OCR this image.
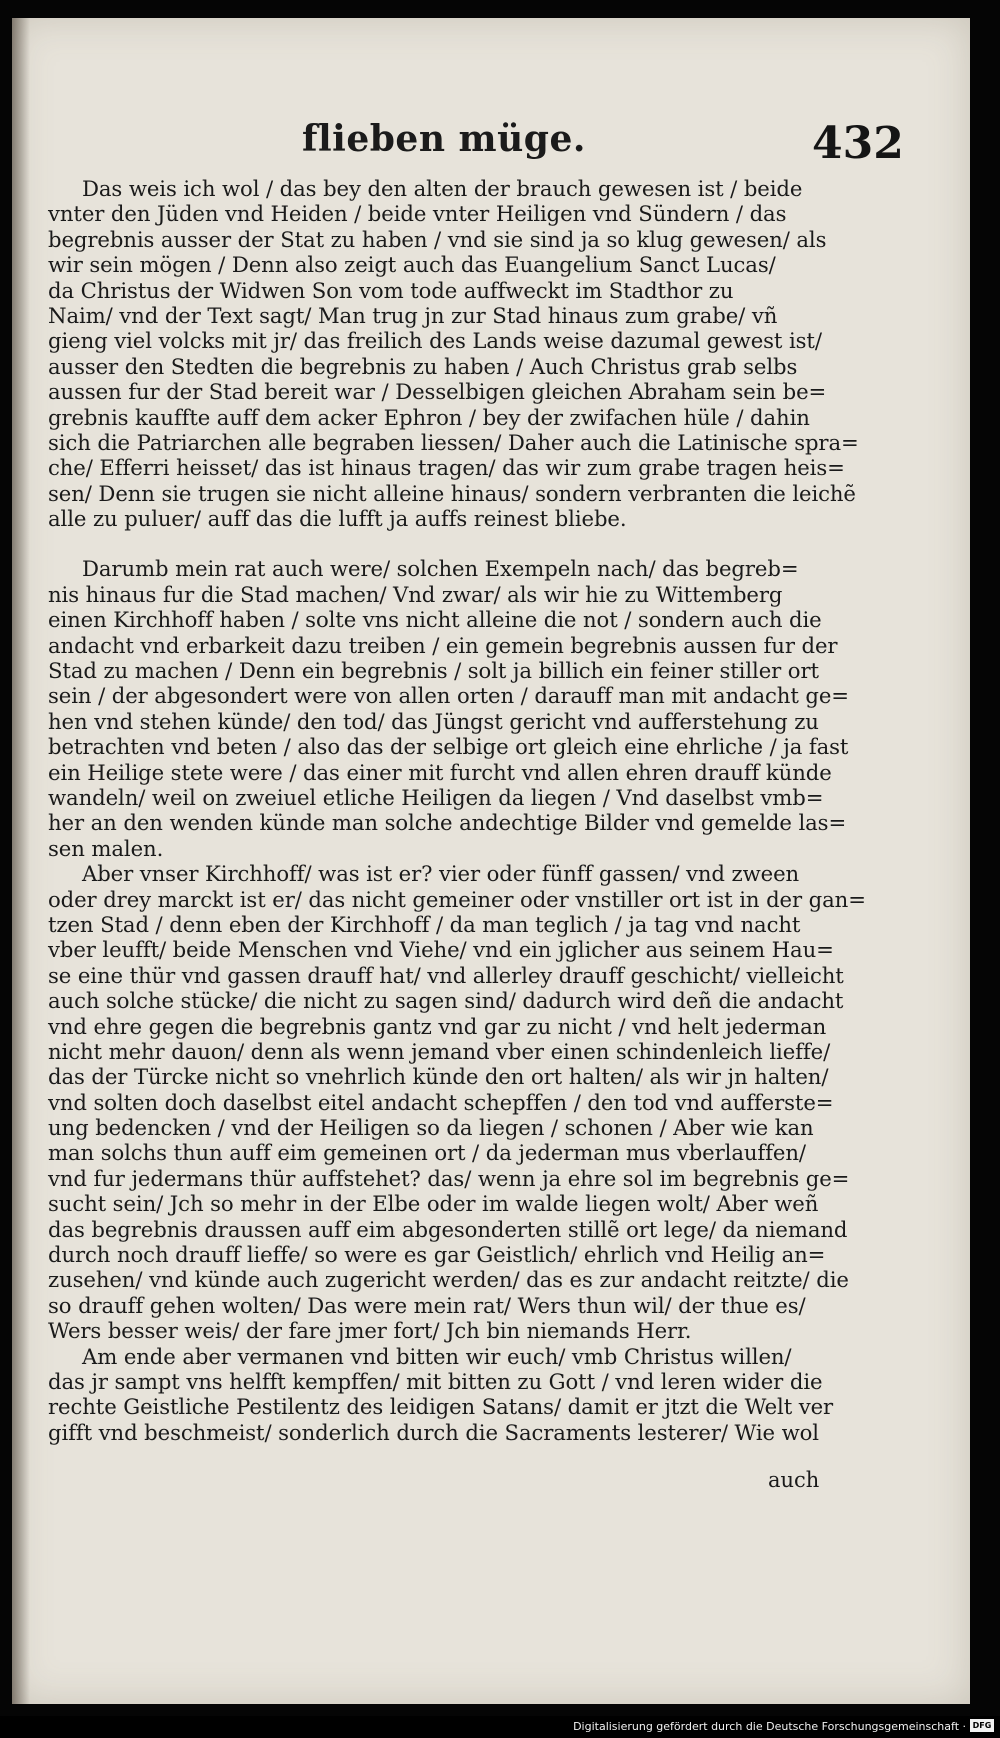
flieben müge.	432
Das weis ich wol / das bey den alten der brauch gewesen ist / beide
vnter den Jüden vnd Heiden / beide vnter Heiligen vnd Sündern / das
begrebnis ausser der Stat zu haben / vnd sie sind ja so klug gewesen/ als
wir sein mögen / Denn also zeigt auch das Euangelium Sanct Lucas/
da Christus der Widwen Son vom tode auffweckt im Stadthor zu
Naim/ vnd der Text sagt/ Man trug jn zur Stad hinaus zum grabe/ vñ
gieng viel volcks mit jr/ das freilich des Lands weise dazumal gewest ist/
ausser den Stedten die begrebnis zu haben / Auch Christus grab selbs
aussen fur der Stad bereit war / Desselbigen gleichen Abraham sein be=
grebnis kauffte auff dem acker Ephron / bey der zwifachen hüle / dahin
sich die Patriarchen alle begraben liessen/ Daher auch die Latinische spra=
che/ Efferri heisset/ das ist hinaus tragen/ das wir zum grabe tragen heis=
sen/ Denn sie trugen sie nicht alleine hinaus/ sondern verbranten die leichẽ
alle zu puluer/ auff das die lufft ja auffs reinest bliebe.
Darumb mein rat auch were/ solchen Exempeln nach/ das begreb=
nis hinaus fur die Stad machen/ Vnd zwar/ als wir hie zu Wittemberg
einen Kirchhoff haben / solte vns nicht alleine die not / sondern auch die
andacht vnd erbarkeit dazu treiben / ein gemein begrebnis aussen fur der
Stad zu machen / Denn ein begrebnis / solt ja billich ein feiner stiller ort
sein / der abgesondert were von allen orten / darauff man mit andacht ge=
hen vnd stehen künde/ den tod/ das Jüngst gericht vnd aufferstehung zu
betrachten vnd beten / also das der selbige ort gleich eine ehrliche / ja fast
ein Heilige stete were / das einer mit furcht vnd allen ehren drauff künde
wandeln/ weil on zweiuel etliche Heiligen da liegen / Vnd daselbst vmb=
her an den wenden künde man solche andechtige Bilder vnd gemelde las=
sen malen.
Aber vnser Kirchhoff/ was ist er? vier oder fünff gassen/ vnd zween
oder drey marckt ist er/ das nicht gemeiner oder vnstiller ort ist in der gan=
tzen Stad / denn eben der Kirchhoff / da man teglich / ja tag vnd nacht
vber leufft/ beide Menschen vnd Viehe/ vnd ein jglicher aus seinem Hau=
se eine thür vnd gassen drauff hat/ vnd allerley drauff geschicht/ vielleicht
auch solche stücke/ die nicht zu sagen sind/ dadurch wird deñ die andacht
vnd ehre gegen die begrebnis gantz vnd gar zu nicht / vnd helt jederman
nicht mehr dauon/ denn als wenn jemand vber einen schindenleich lieffe/
das der Türcke nicht so vnehrlich künde den ort halten/ als wir jn halten/
vnd solten doch daselbst eitel andacht schepffen / den tod vnd aufferste=
ung bedencken / vnd der Heiligen so da liegen / schonen / Aber wie kan
man solchs thun auff eim gemeinen ort / da jederman mus vberlauffen/
vnd fur jedermans thür auffstehet? das/ wenn ja ehre sol im begrebnis ge=
sucht sein/ Jch so mehr in der Elbe oder im walde liegen wolt/ Aber weñ
das begrebnis draussen auff eim abgesonderten stillẽ ort lege/ da niemand
durch noch drauff lieffe/ so were es gar Geistlich/ ehrlich vnd Heilig an=
zusehen/ vnd künde auch zugericht werden/ das es zur andacht reitzte/ die
so drauff gehen wolten/ Das were mein rat/ Wers thun wil/ der thue es/
Wers besser weis/ der fare jmer fort/ Jch bin niemands Herr.
Am ende aber vermanen vnd bitten wir euch/ vmb Christus willen/
das jr sampt vns helfft kempffen/ mit bitten zu Gott / vnd leren wider die
rechte Geistliche Pestilentz des leidigen Satans/ damit er jtzt die Welt ver
gifft vnd beschmeist/ sonderlich durch die Sacraments lesterer/ Wie wol
auch
Digitalisierung gefördert durch die Deutsche Forschungsgemeinschaft · DFG
